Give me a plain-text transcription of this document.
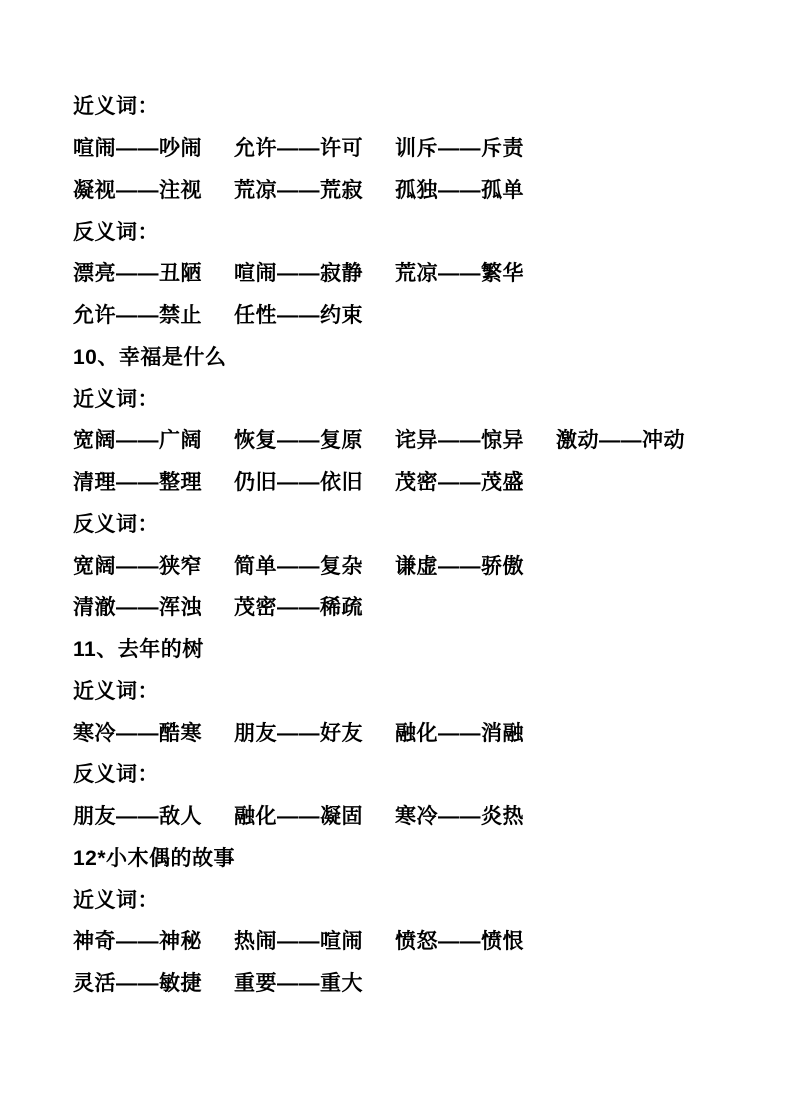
近义词：
喧闹——吵闹 允许——许可 训斥——斥责
凝视——注视 荒凉——荒寂 孤独——孤单
反义词：
漂亮——丑陋 喧闹——寂静 荒凉——繁华
允许——禁止 任性——约束
10、幸福是什么
近义词：
宽阔——广阔 恢复——复原 诧异——惊异 激动——冲动
清理——整理 仍旧——依旧 茂密——茂盛
反义词：
宽阔——狭窄 简单——复杂 谦虚——骄傲
清澈——浑浊 茂密——稀疏
11、去年的树
近义词：
寒冷——酷寒 朋友——好友 融化——消融
反义词：
朋友——敌人 融化——凝固 寒冷——炎热
12*小木偶的故事
近义词：
神奇——神秘 热闹——喧闹 愤怒——愤恨
灵活——敏捷 重要——重大
